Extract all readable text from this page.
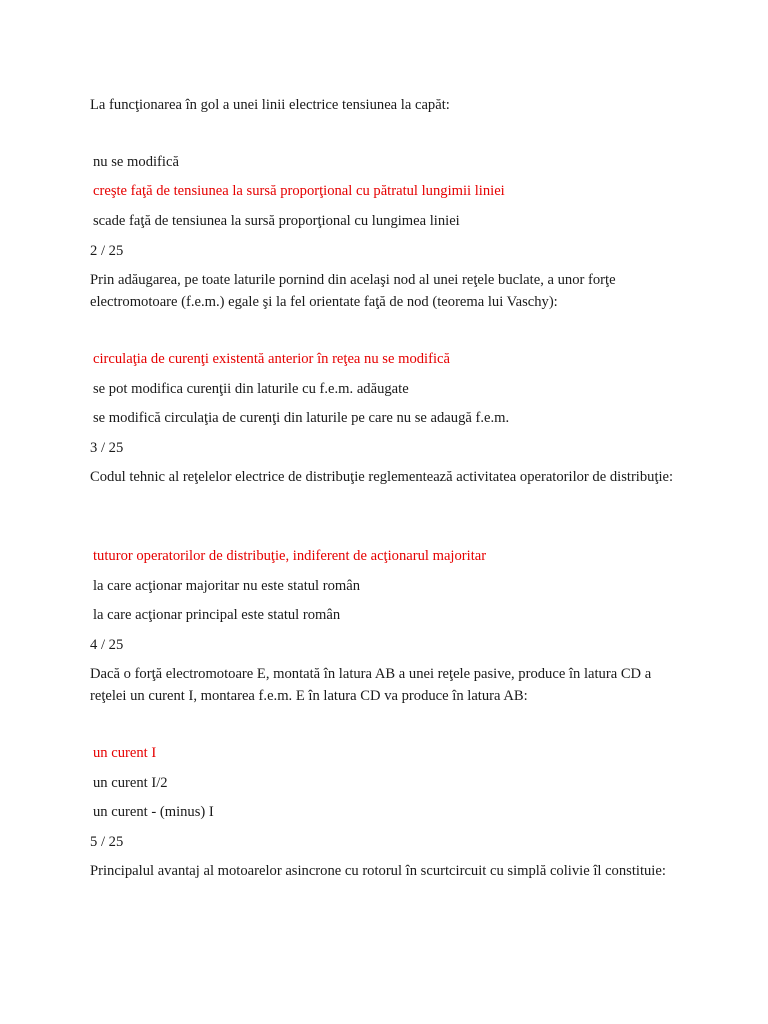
La funcţionarea în gol a unei linii electrice tensiunea la capăt:

nu se modifică

creşte faţă de tensiunea la sursă proporţional cu pătratul lungimii liniei

scade faţă de tensiunea la sursă proporţional cu lungimea liniei

2 / 25

Prin adăugarea, pe toate laturile pornind din acelaşi nod al unei reţele buclate, a unor forţe electromotoare (f.e.m.) egale şi la fel orientate faţă de nod (teorema lui Vaschy):

circulaţia de curenţi existentă anterior în reţea nu se modifică

se pot modifica curenţii din laturile cu f.e.m. adăugate

se modifică circulaţia de curenţi din laturile pe care nu se adaugă f.e.m.

3 / 25

Codul tehnic al reţelelor electrice de distribuţie reglementează activitatea operatorilor de distribuţie:

tuturor operatorilor de distribuţie, indiferent de acţionarul majoritar

la care acţionar majoritar nu este statul român

la care acţionar principal este statul român

4 / 25

Dacă o forţă electromotoare E, montată în latura AB a unei reţele pasive, produce în latura CD a reţelei un curent I, montarea f.e.m. E în latura CD va produce în latura AB:

un curent I

un curent I/2

un curent - (minus) I

5 / 25

Principalul avantaj al motoarelor asincrone cu rotorul în scurtcircuit cu simplă colivie îl constituie:
